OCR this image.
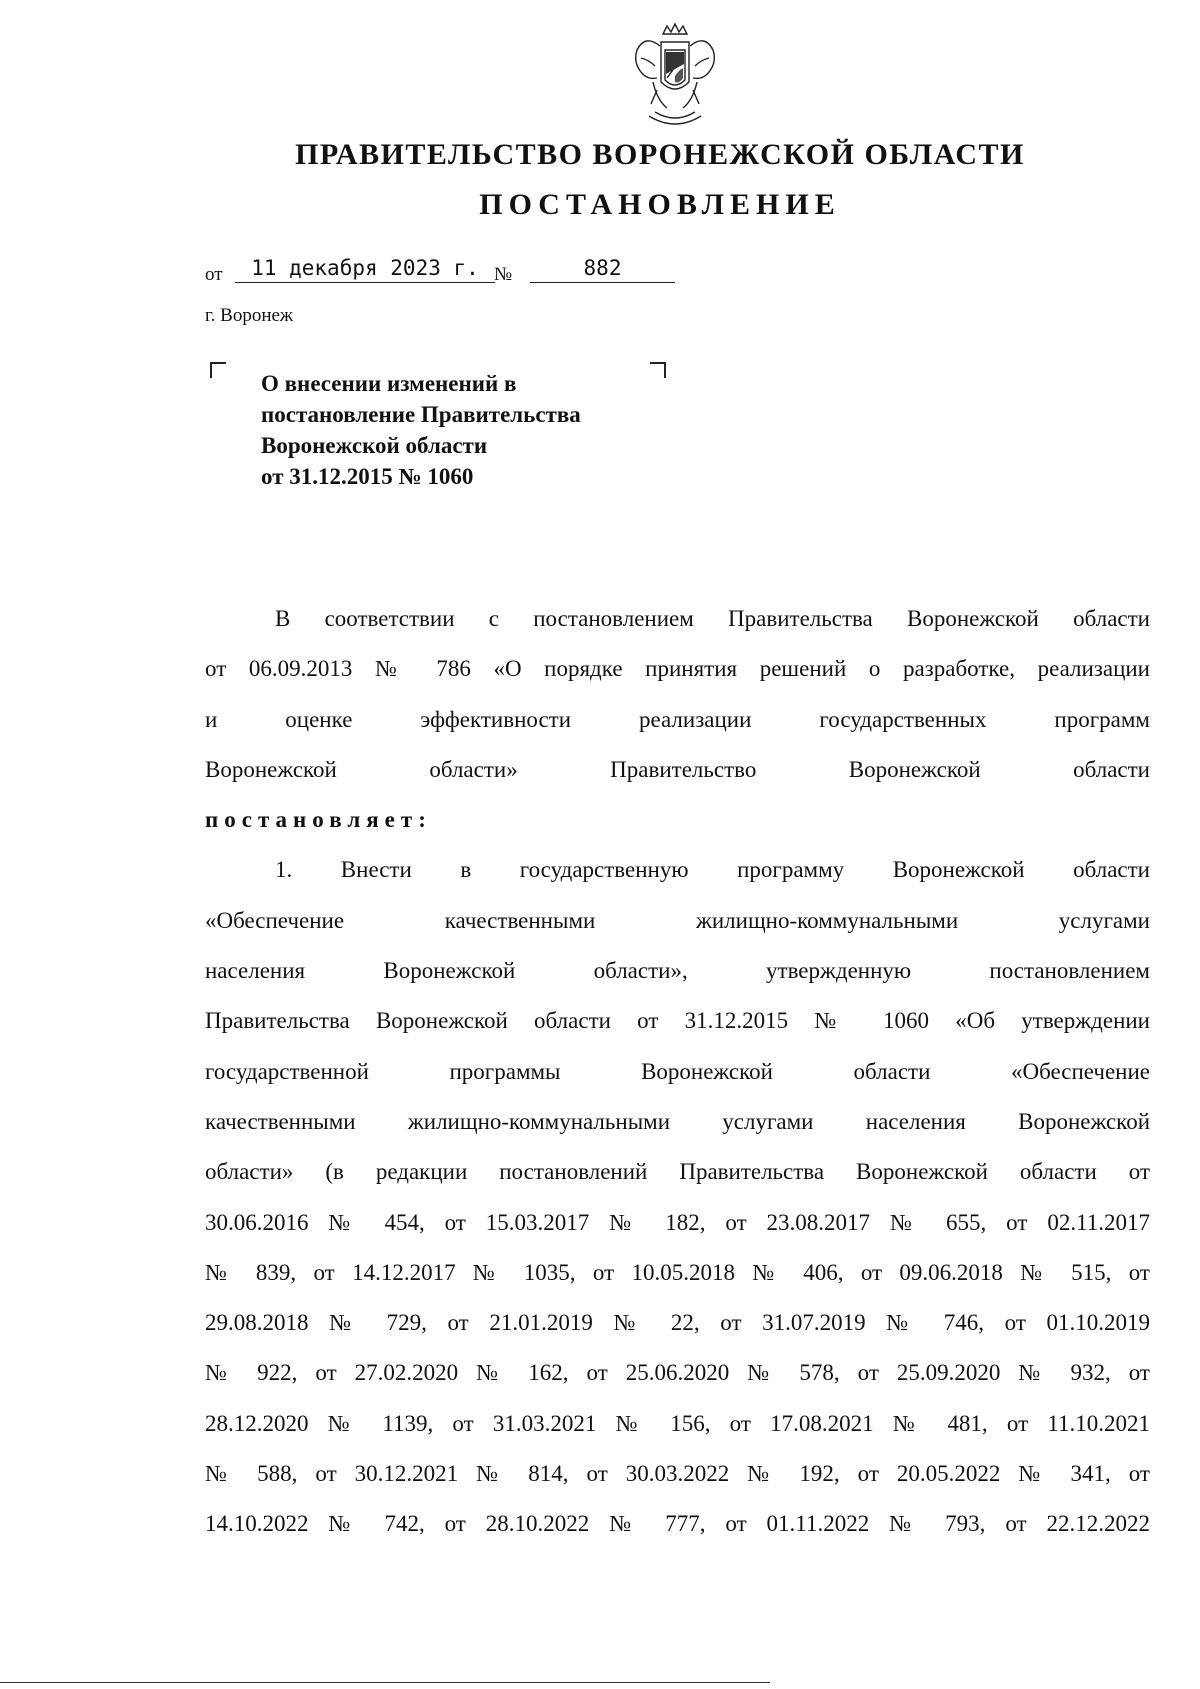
ПРАВИТЕЛЬСТВО ВОРОНЕЖСКОЙ ОБЛАСТИ
ПОСТАНОВЛЕНИЕ
от	11 декабря 2023 г. №	882
г. Воронеж
О внесении изменений в
постановление Правительства
Воронежской области
от 31.12.2015 № 1060
В соответствии с постановлением Правительства Воронежской области
от 06.09.2013 № 786 «О порядке принятия решений о разработке, реализации
и оценке эффективности реализации государственных программ
Воронежской области» Правительство Воронежской области
постановляет:
1. Внести в государственную программу Воронежской области
«Обеспечение качественными жилищно-коммунальными услугами
населения Воронежской области», утвержденную постановлением
Правительства Воронежской области от 31.12.2015 № 1060 «Об утверждении
государственной программы Воронежской области «Обеспечение
качественными жилищно-коммунальными услугами населения Воронежской
области» (в редакции постановлений Правительства Воронежской области от
30.06.2016 № 454, от 15.03.2017 № 182, от 23.08.2017 № 655, от 02.11.2017
№ 839, от 14.12.2017 № 1035, от 10.05.2018 № 406, от 09.06.2018 № 515, от
29.08.2018 № 729, от 21.01.2019 № 22, от 31.07.2019 № 746, от 01.10.2019
№ 922, от 27.02.2020 № 162, от 25.06.2020 № 578, от 25.09.2020 № 932, от
28.12.2020 № 1139, от 31.03.2021 № 156, от 17.08.2021 № 481, от 11.10.2021
№ 588, от 30.12.2021 № 814, от 30.03.2022 № 192, от 20.05.2022 № 341, от
14.10.2022 № 742, от 28.10.2022 № 777, от 01.11.2022 № 793, от 22.12.2022
